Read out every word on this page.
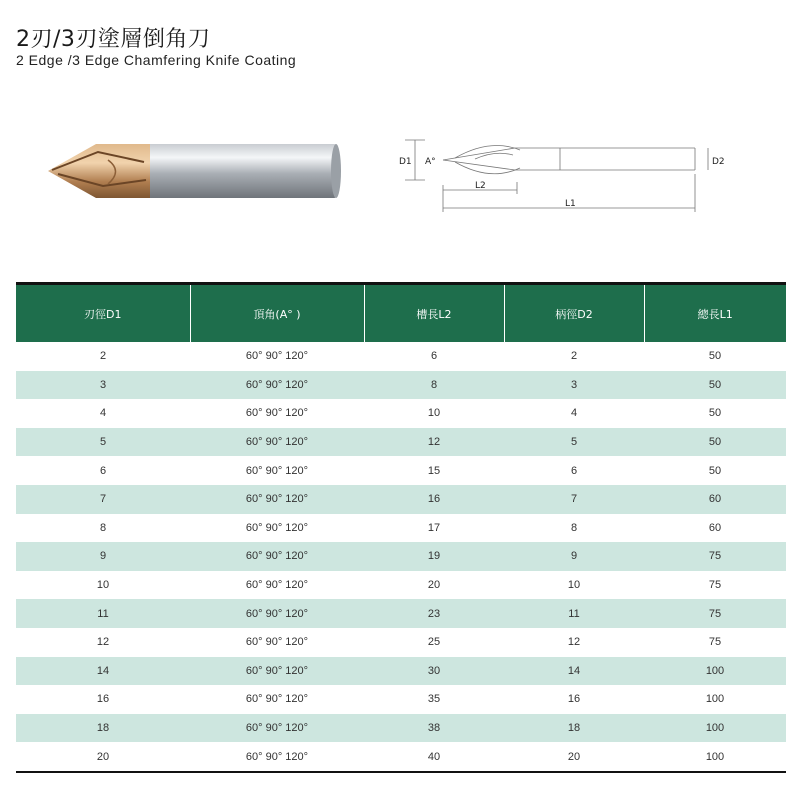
2刃/3刃塗層倒角刀
2 Edge /3 Edge Chamfering Knife Coating
D1 A°	D2
L2
L1
刃徑D1	頂角(A° )	槽長L2	柄徑D2	總長L1
2	60° 90° 120°	6	2	50
3	60° 90° 120°	8	3	50
4	60° 90° 120°	10	4	50
5	60° 90° 120°	12	5	50
6	60° 90° 120°	15	6	50
7	60° 90° 120°	16	7	60
8	60° 90° 120°	17	8	60
9	60° 90° 120°	19	9	75
10	60° 90° 120°	20	10	75
11	60° 90° 120°	23	11	75
12	60° 90° 120°	25	12	75
14	60° 90° 120°	30	14	100
16	60° 90° 120°	35	16	100
18	60° 90° 120°	38	18	100
20	60° 90° 120°	40	20	100
